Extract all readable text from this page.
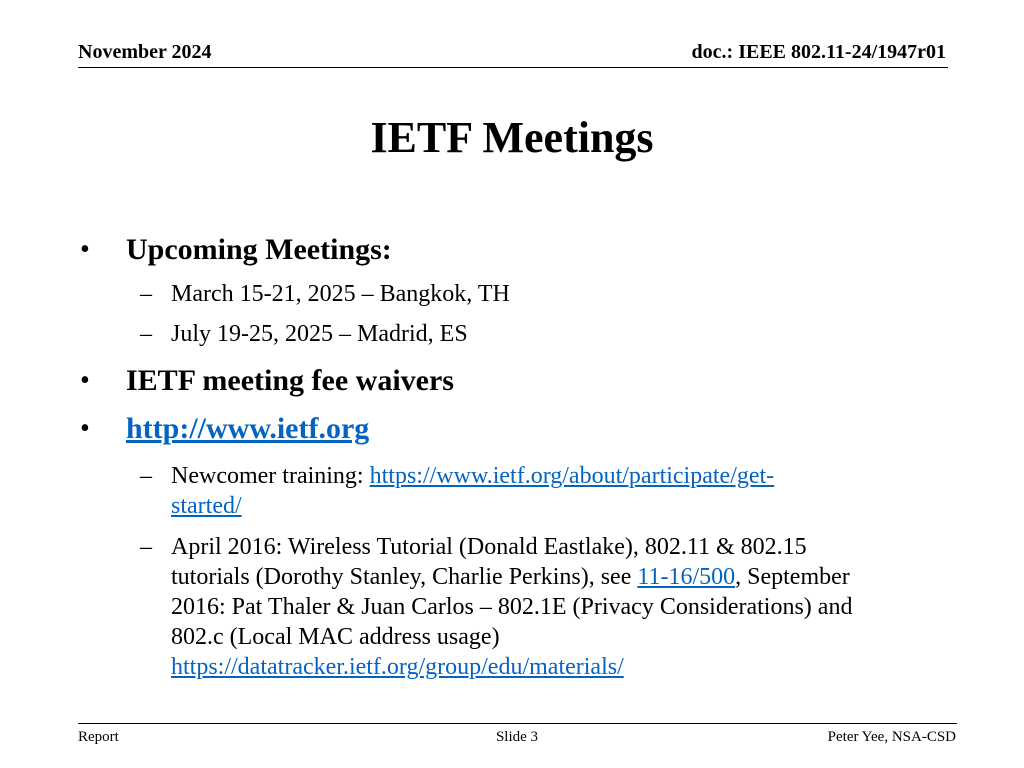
November 2024	doc.: IEEE 802.11-24/1947r01
IETF Meetings
• Upcoming Meetings:
– March 15-21, 2025 – Bangkok, TH
– July 19-25, 2025 – Madrid, ES
• IETF meeting fee waivers
• http://www.ietf.org
– Newcomer training: https://www.ietf.org/about/participate/get-
started/
– April 2016: Wireless Tutorial (Donald Eastlake), 802.11 & 802.15
tutorials (Dorothy Stanley, Charlie Perkins), see 11-16/500, September
2016: Pat Thaler & Juan Carlos – 802.1E (Privacy Considerations) and
802.c (Local MAC address usage)
https://datatracker.ietf.org/group/edu/materials/
Report	Slide 3	Peter Yee, NSA-CSD
